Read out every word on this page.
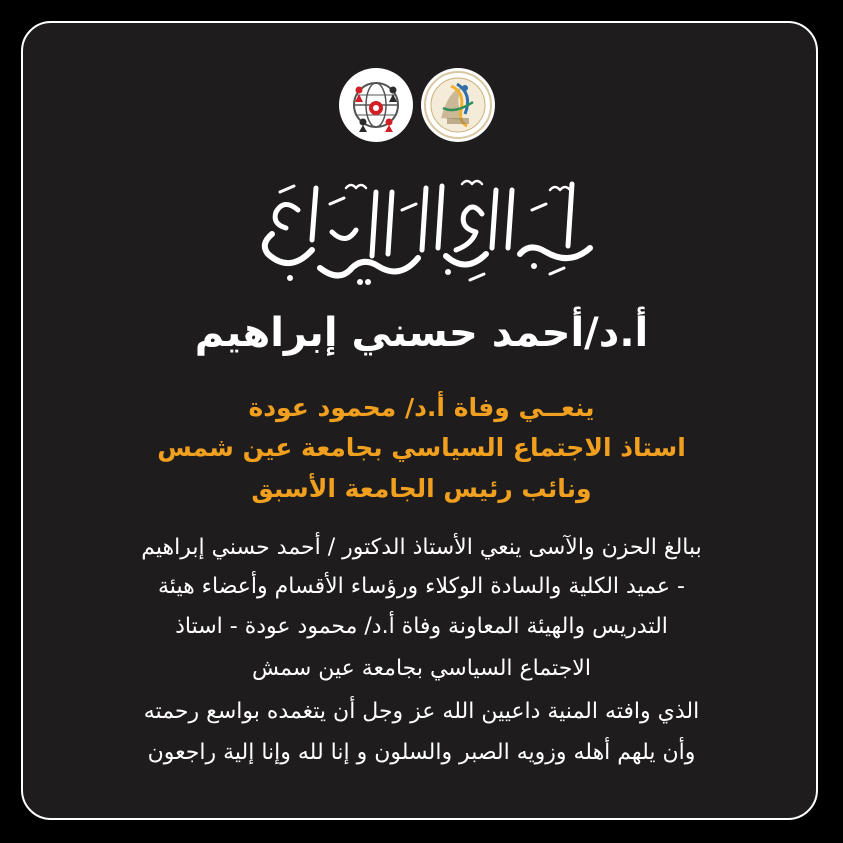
أ.د/أحمد حسني إبراهيم
ينعــي وفاة أ.د/ محمود عودة
استاذ الاجتماع السياسي بجامعة عين شمس
ونائب رئيس الجامعة الأسبق
ببالغ الحزن والآسى ينعي الأستاذ الدكتور / أحمد حسني إبراهيم
- عميد الكلية والسادة الوكلاء ورؤساء الأقسام وأعضاء هيئة
التدريس والهيئة المعاونة وفاة أ.د/ محمود عودة - استاذ
الاجتماع السياسي بجامعة عين سمش
الذي وافته المنية داعيين الله عز وجل أن يتغمده بواسع رحمته
وأن يلهم أهله وزويه الصبر والسلون و إنا لله وإنا إلية راجعون
